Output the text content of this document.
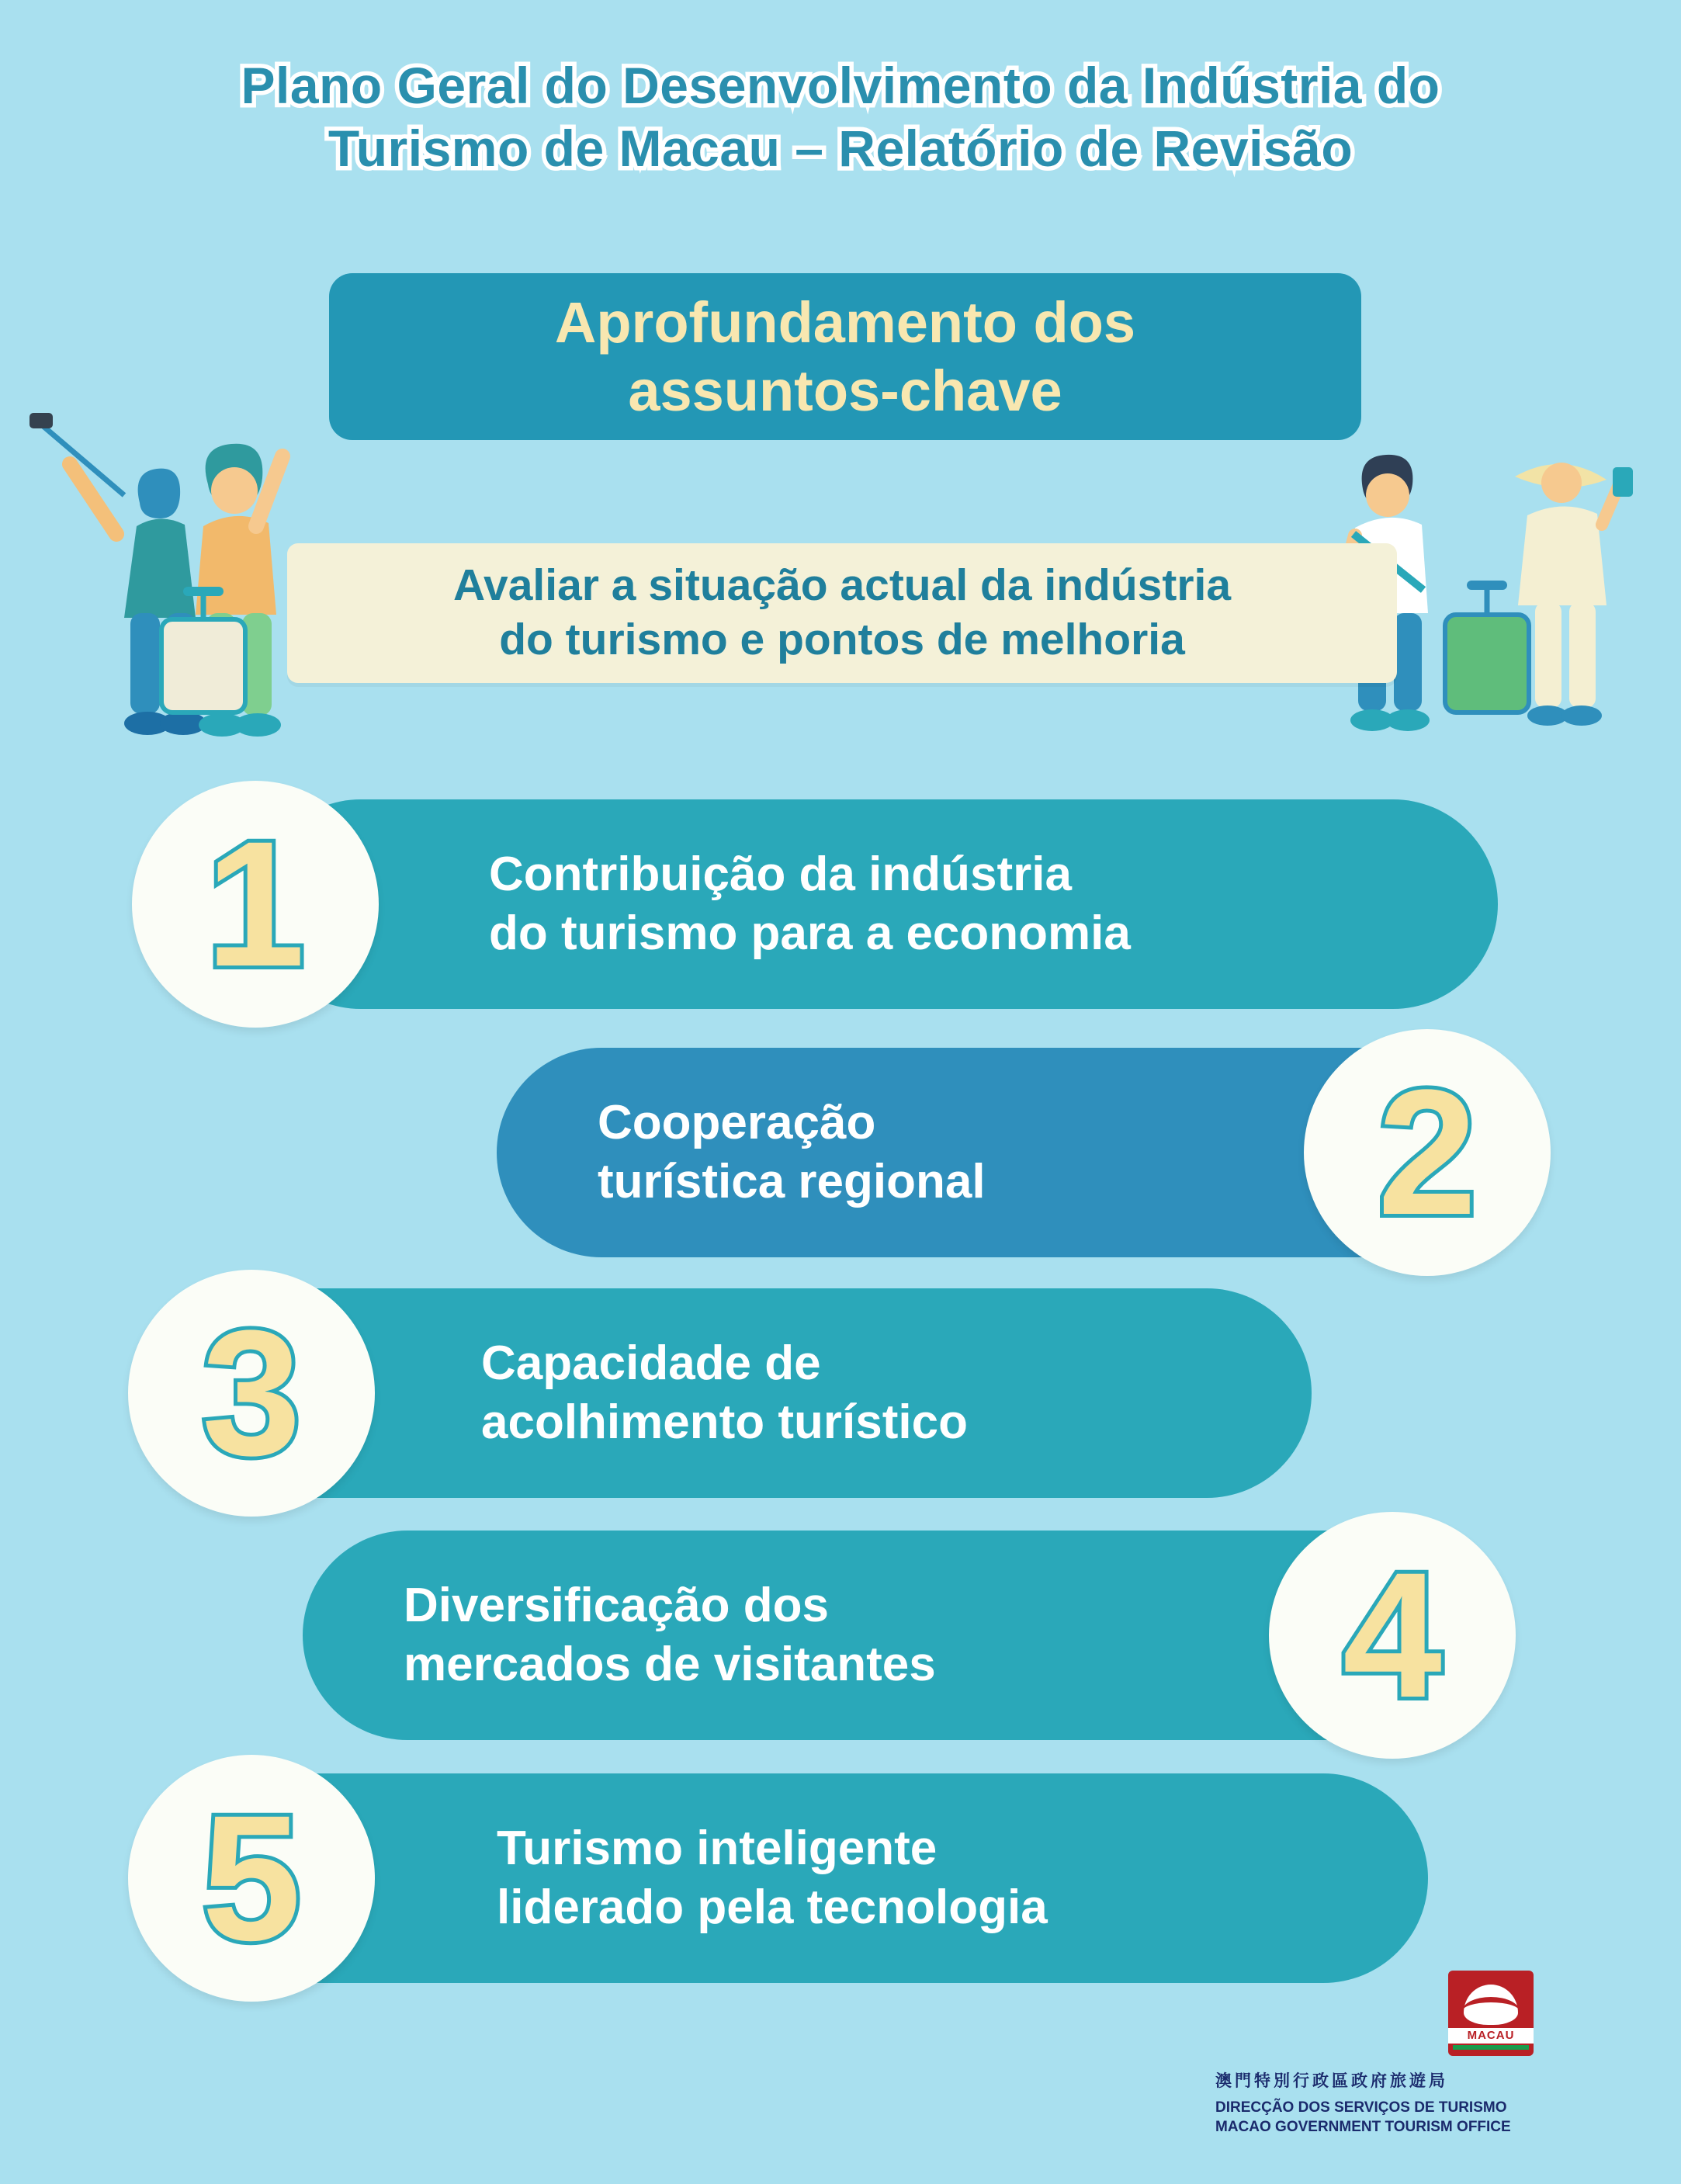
Plano Geral do Desenvolvimento da Indústria do
Turismo de Macau – Relatório de Revisão
Aprofundamento dos
assuntos-chave
Avaliar a situação actual da indústria
do turismo e pontos de melhoria
Contribuição da indústria
do turismo para a economia
1
Cooperação
turística regional 2
Capacidade de
acolhimento turístico
3
Diversificação dos
mercados de visitantes 4
Turismo inteligente
liderado pela tecnologia
5
MACAU
澳門特別行政區政府旅遊局
DIRECÇÃO DOS SERVIÇOS DE TURISMO
MACAO GOVERNMENT TOURISM OFFICE
